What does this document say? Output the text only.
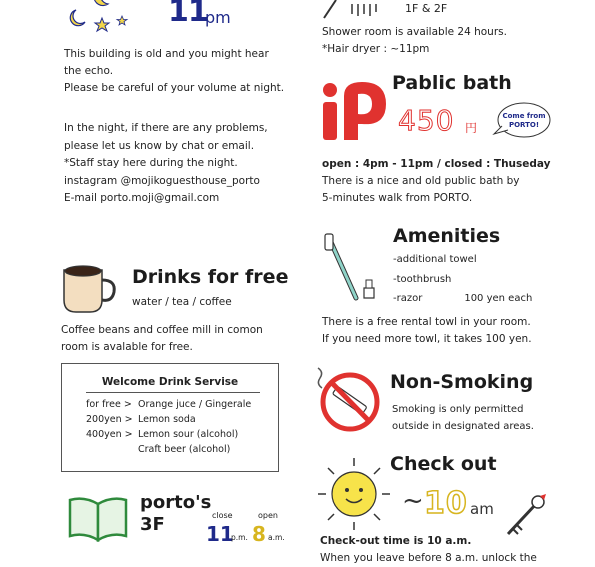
11
pm
This building is old and you might hear
the echo.
Please be careful of your volume at night.
In the night, if there are any problems,
please let us know by chat or email.
*Staff stay here during the night.
instagram @mojikoguesthouse_porto
E-mail porto.moji@gmail.com
1F & 2F
Shower room is available 24 hours.
*Hair dryer : ~11pm
Pablic bath
450 円
Come from
PORTO!
open : 4pm - 11pm / closed : Thuseday
There is a nice and old public bath by
5-minutes walk from PORTO.
Amenities
-additional towel
-toothbrush
-razor	100 yen each
There is a free rental towl in your room.
If you need more towl, it takes 100 yen.
Drinks for free
water / tea / coffee
Coffee beans and coffee mill in comon
room is avalable for free.
Welcome Drink Servise
for free > Orange juce / Gingerale
200yen > Lemon soda
400yen > Lemon sour (alcohol)
Craft beer (alcohol)
Non-Smoking
Smoking is only permitted
outside in designated areas.
Check out
~ 10 am
Check-out time is 10 a.m.
When you leave before 8 a.m. unlock the
porto's
3F	close	open
11
p.m. 8 a.m.
